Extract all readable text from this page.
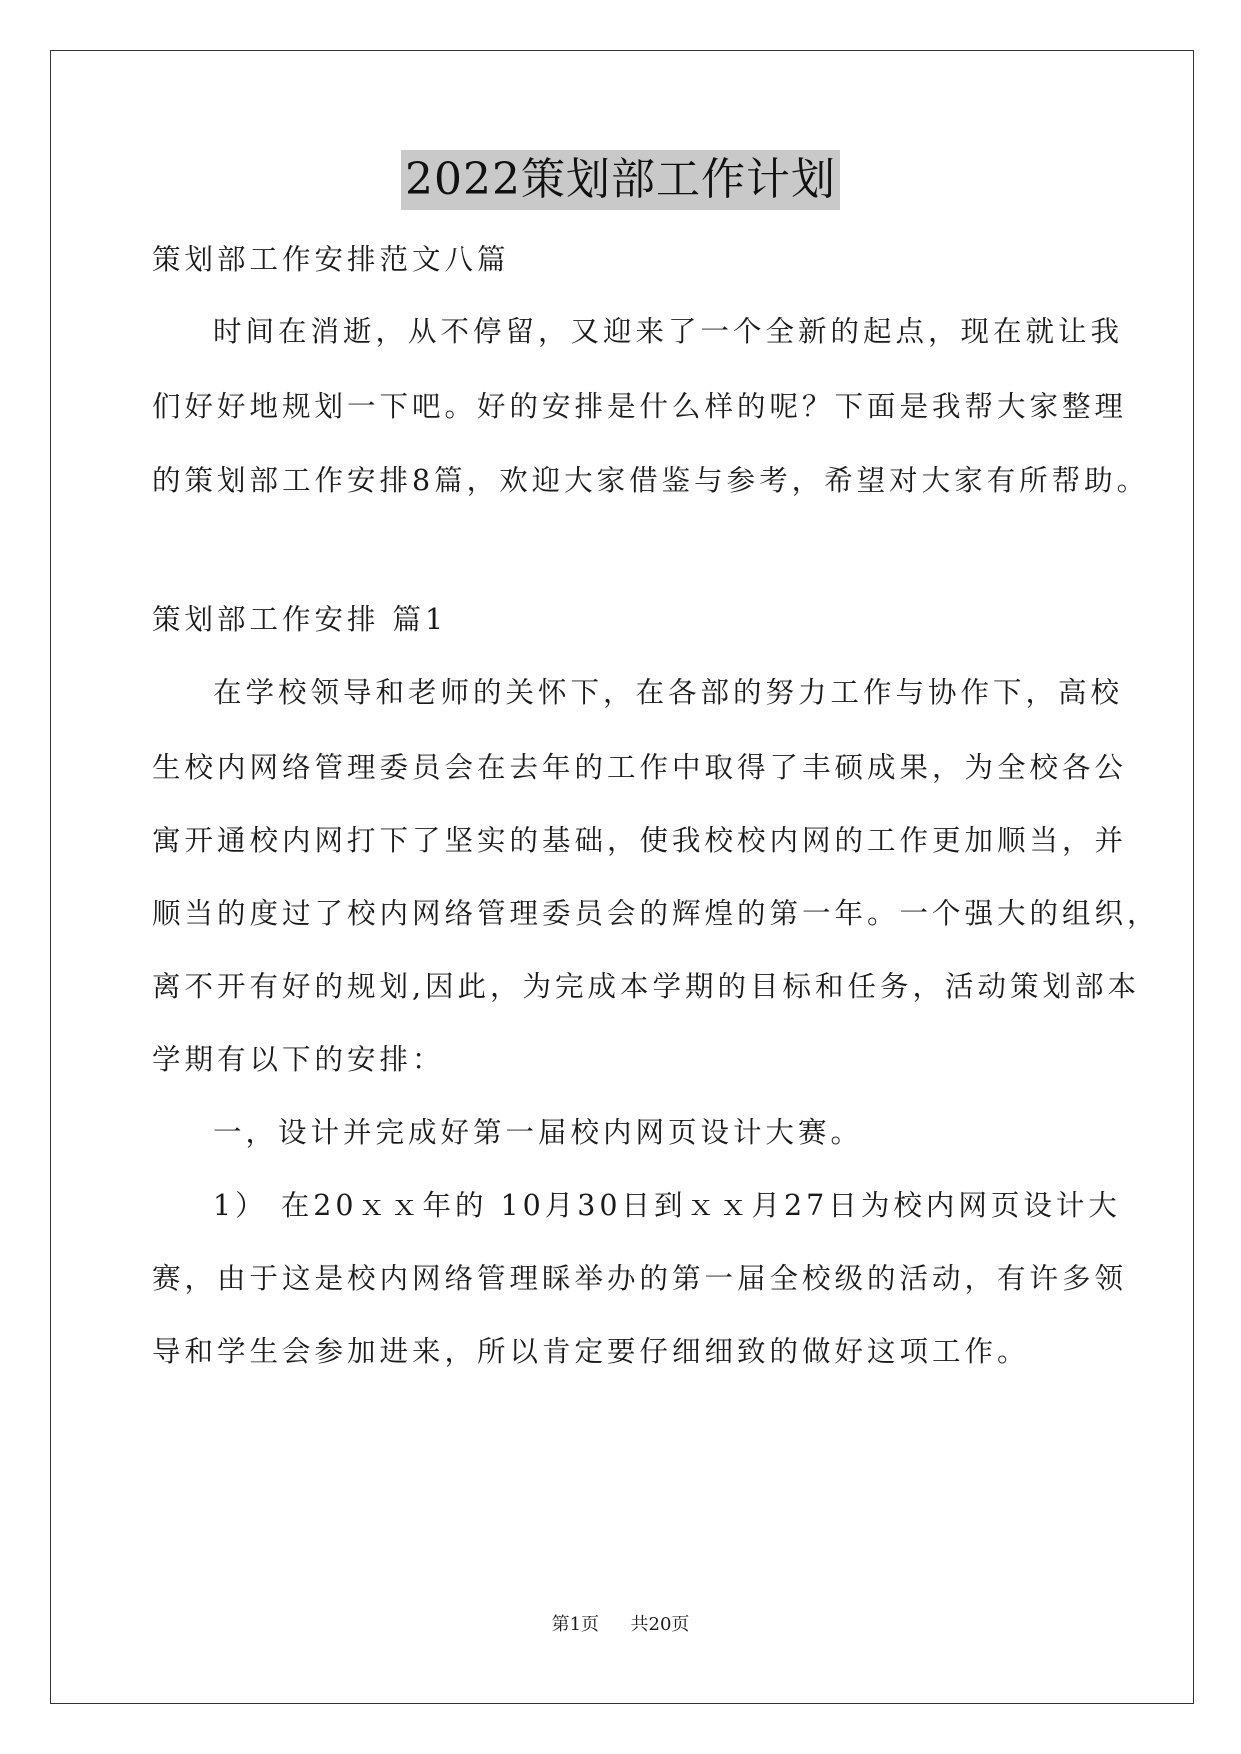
2022策划部工作计划
策划部工作安排范文八篇
时间在消逝，从不停留，又迎来了一个全新的起点，现在就让我
们好好地规划一下吧。好的安排是什么样的呢？下面是我帮大家整理
的策划部工作安排8篇，欢迎大家借鉴与参考，希望对大家有所帮助。
策划部工作安排 篇1
在学校领导和老师的关怀下，在各部的努力工作与协作下，高校
生校内网络管理委员会在去年的工作中取得了丰硕成果，为全校各公
寓开通校内网打下了坚实的基础，使我校校内网的工作更加顺当，并
顺当的度过了校内网络管理委员会的辉煌的第一年。一个强大的组织，
离不开有好的规划,因此，为完成本学期的目标和任务，活动策划部本
学期有以下的安排：
一，设计并完成好第一届校内网页设计大赛。
1） 在20ｘｘ年的 10月30日到ｘｘ月27日为校内网页设计大
赛，由于这是校内网络管理睬举办的第一届全校级的活动，有许多领
导和学生会参加进来，所以肯定要仔细细致的做好这项工作。
第1页 共20页
